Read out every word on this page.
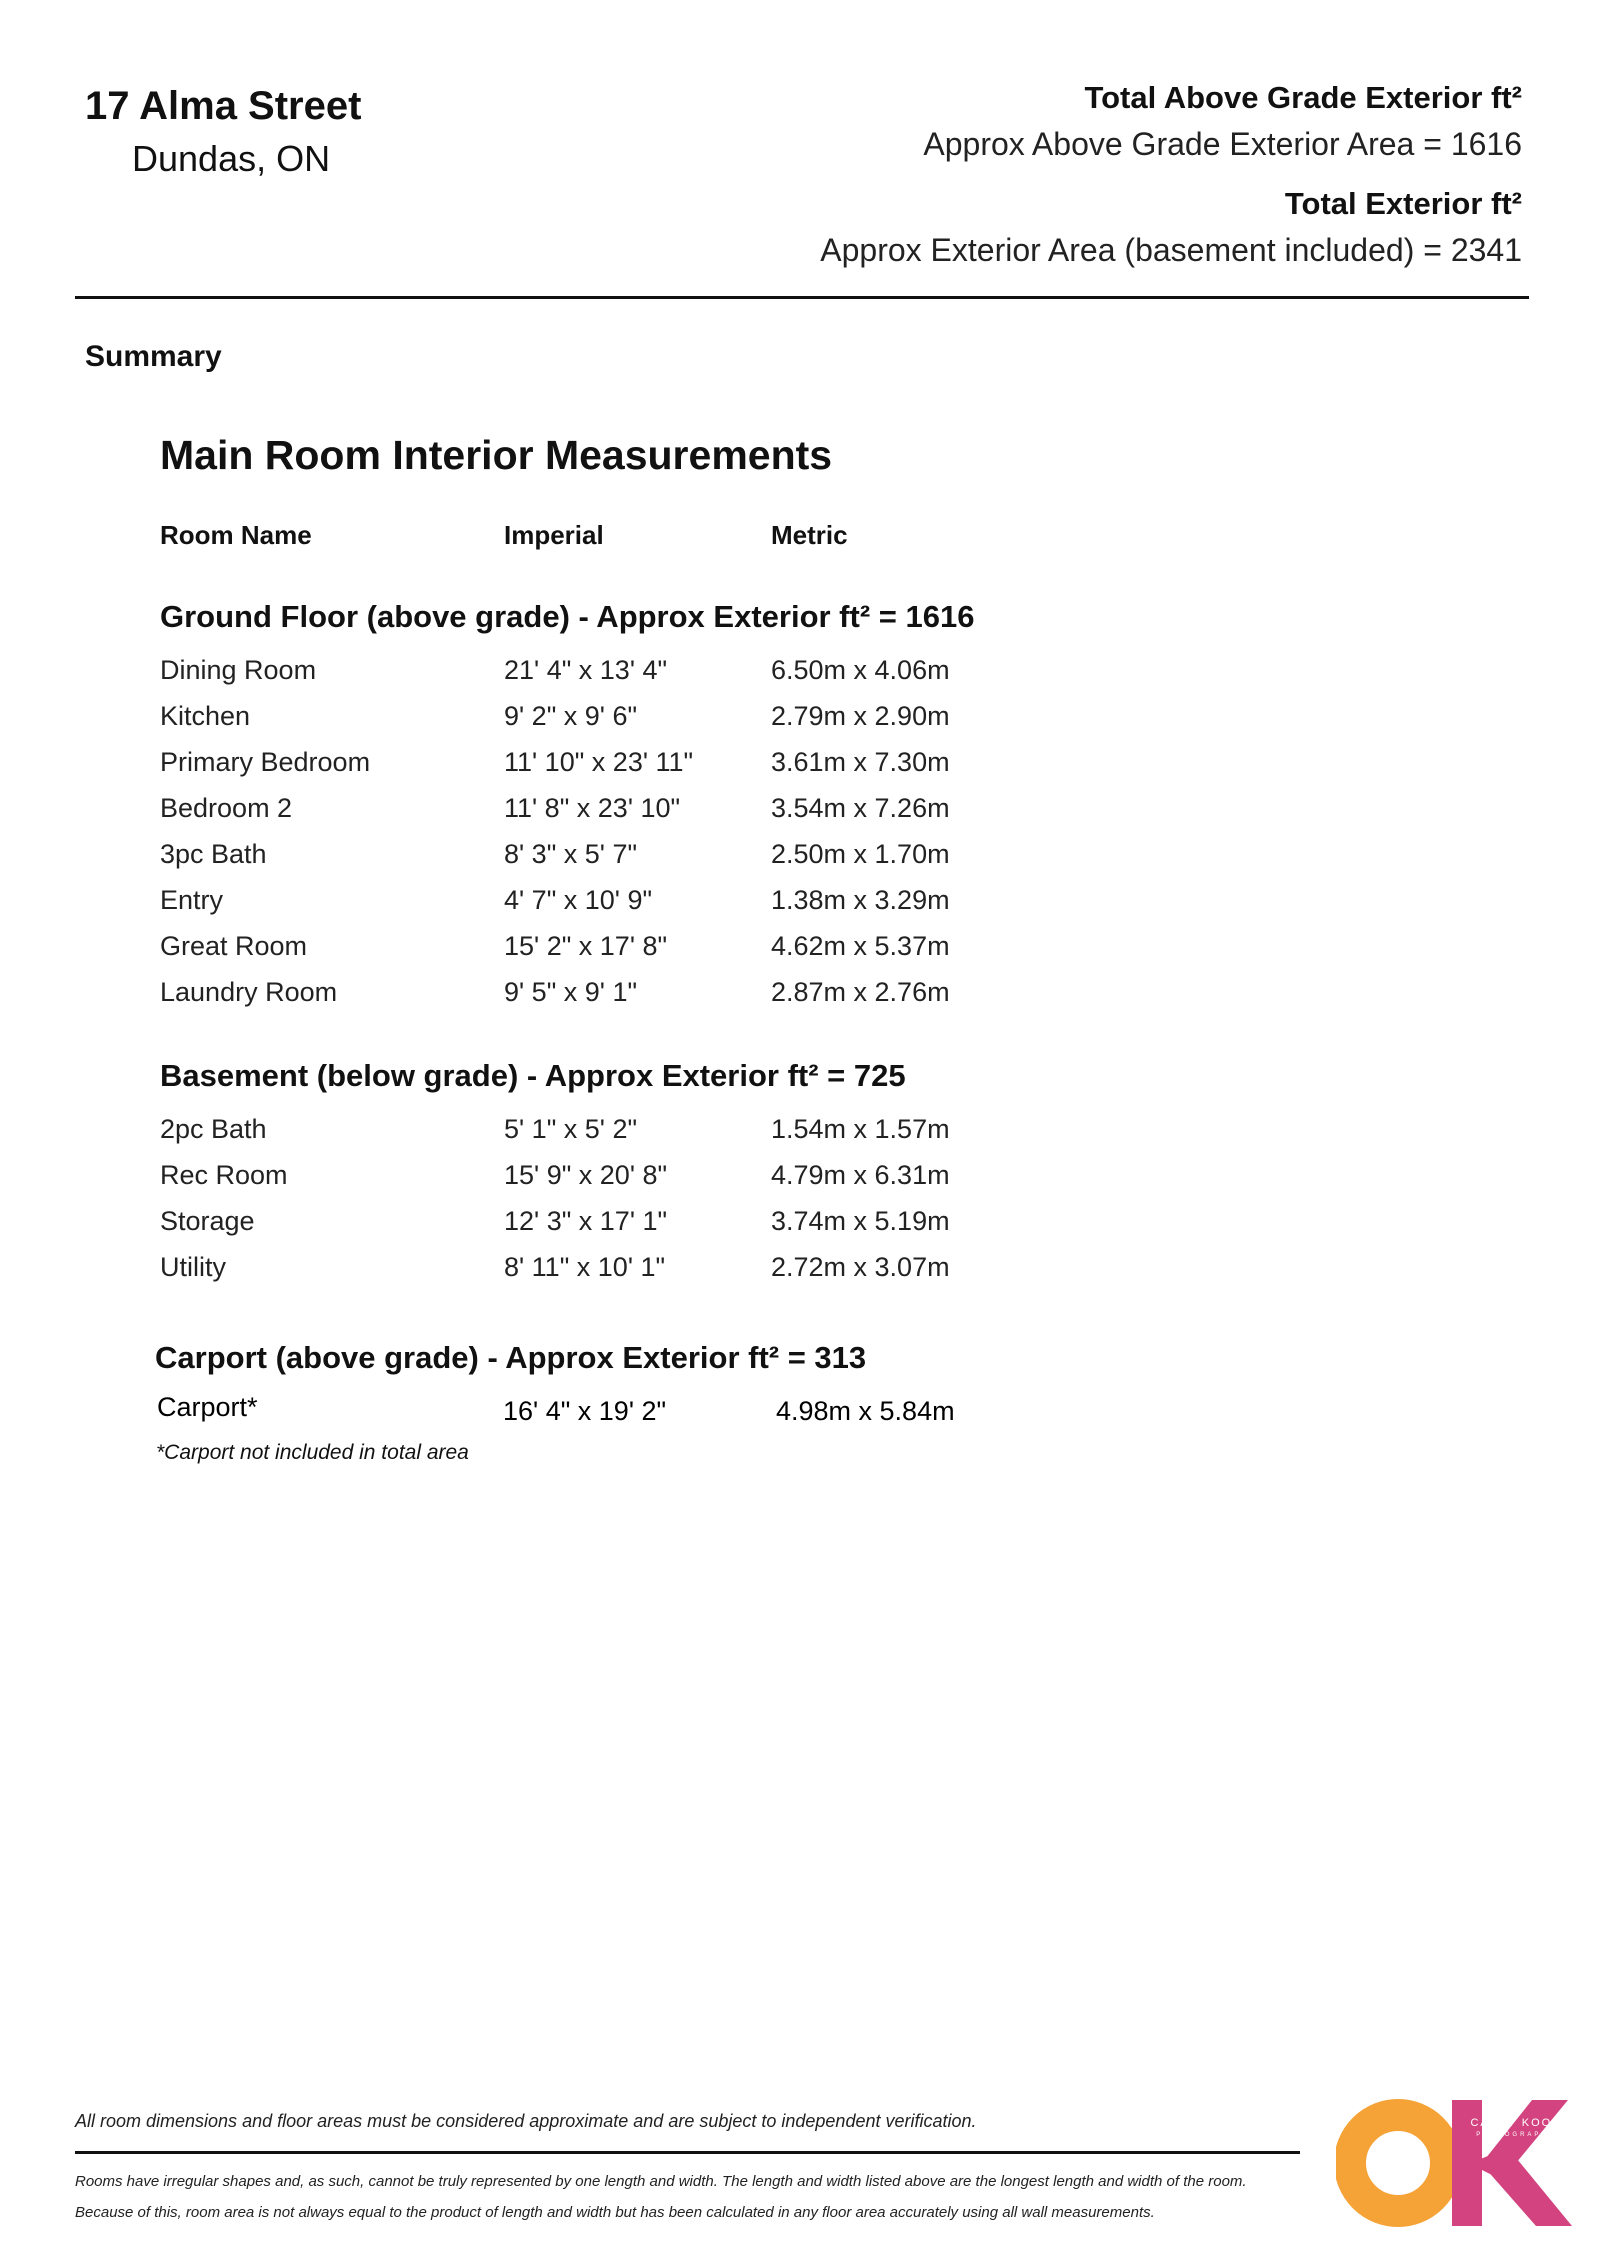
17 Alma Street
Dundas, ON
Total Above Grade Exterior ft²
Approx Above Grade Exterior Area = 1616
Total Exterior ft²
Approx Exterior Area (basement included) = 2341
Summary
Main Room Interior Measurements
Room Name	Imperial	Metric
Ground Floor (above grade) - Approx Exterior ft² = 1616
Dining Room	21' 4" x 13' 4"	6.50m x 4.06m
Kitchen	9' 2" x 9' 6"	2.79m x 2.90m
Primary Bedroom	11' 10" x 23' 11"	3.61m x 7.30m
Bedroom 2	11' 8" x 23' 10"	3.54m x 7.26m
3pc Bath	8' 3" x 5' 7"	2.50m x 1.70m
Entry	4' 7" x 10' 9"	1.38m x 3.29m
Great Room	15' 2" x 17' 8"	4.62m x 5.37m
Laundry Room	9' 5" x 9' 1"	2.87m x 2.76m
Basement (below grade) - Approx Exterior ft² = 725
2pc Bath	5' 1" x 5' 2"	1.54m x 1.57m
Rec Room	15' 9" x 20' 8"	4.79m x 6.31m
Storage	12' 3" x 17' 1"	3.74m x 5.19m
Utility	8' 11" x 10' 1"	2.72m x 3.07m
Carport (above grade) - Approx Exterior ft² = 313
Carport*	16' 4" x 19' 2"	4.98m x 5.84m
*Carport not included in total area
All room dimensions and floor areas must be considered approximate and are subject to independent verification.
Rooms have irregular shapes and, as such, cannot be truly represented by one length and width. The length and width listed above are the longest length and width of the room.
Because of this, room area is not always equal to the product of length and width but has been calculated in any floor area accurately using all wall measurements.
CATHY KOOP
PHOTOGRAPHY
